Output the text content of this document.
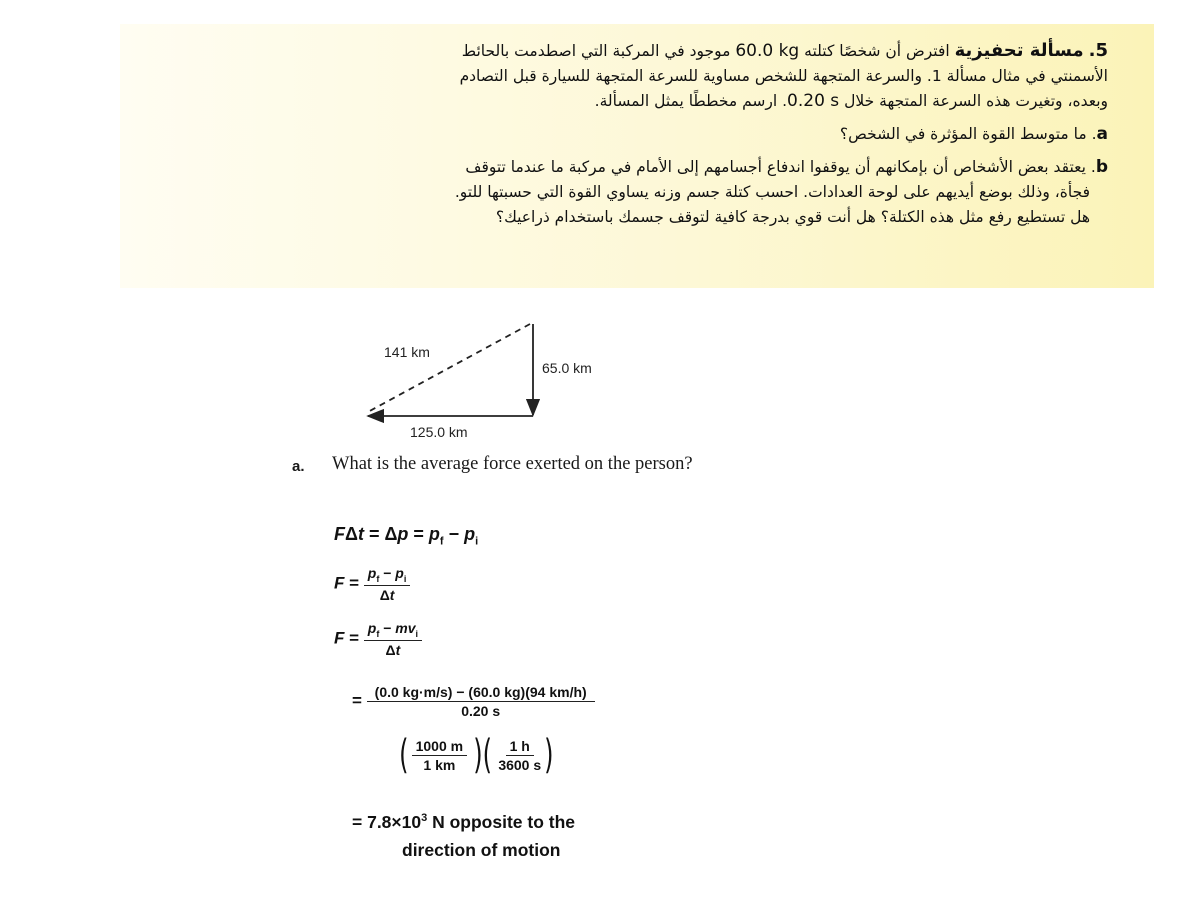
5. مسألة تحفيزية افترض أن شخصًا كتلته 60.0 kg موجود في المركبة التي اصطدمت بالحائط
الأسمنتي في مثال مسألة 1. والسرعة المتجهة للشخص مساوية للسرعة المتجهة للسيارة قبل التصادم
وبعده، وتغيرت هذه السرعة المتجهة خلال 0.20 s. ارسم مخططًا يمثل المسألة.

a. ما متوسط القوة المؤثرة في الشخص؟
b. يعتقد بعض الأشخاص أن بإمكانهم أن يوقفوا اندفاع أجسامهم إلى الأمام في مركبة ما عندما تتوقف
فجأة، وذلك بوضع أيديهم على لوحة العدادات. احسب كتلة جسم وزنه يساوي القوة التي حسبتها للتو.
هل تستطيع رفع مثل هذه الكتلة؟ هل أنت قوي بدرجة كافية لتوقف جسمك باستخدام ذراعيك؟
141 km
65.0 km
125.0 km
a.	What is the average force exerted on the person?
$F\Delta t = \Delta p = p_f - p_i$
$F = \frac{p_f - p_i}{\Delta t}$
$F = \frac{p_f - mv_i}{\Delta t}$
= $\frac{(0.0 kg\cdot m/s) - (60.0 kg)(94 km/h)}{0.20 s}$
( $\frac{1000 m}{1 km}$ )( $\frac{1 h}{3600 s}$ )
= $7.8\times 10^3$ N opposite to the
direction of motion
